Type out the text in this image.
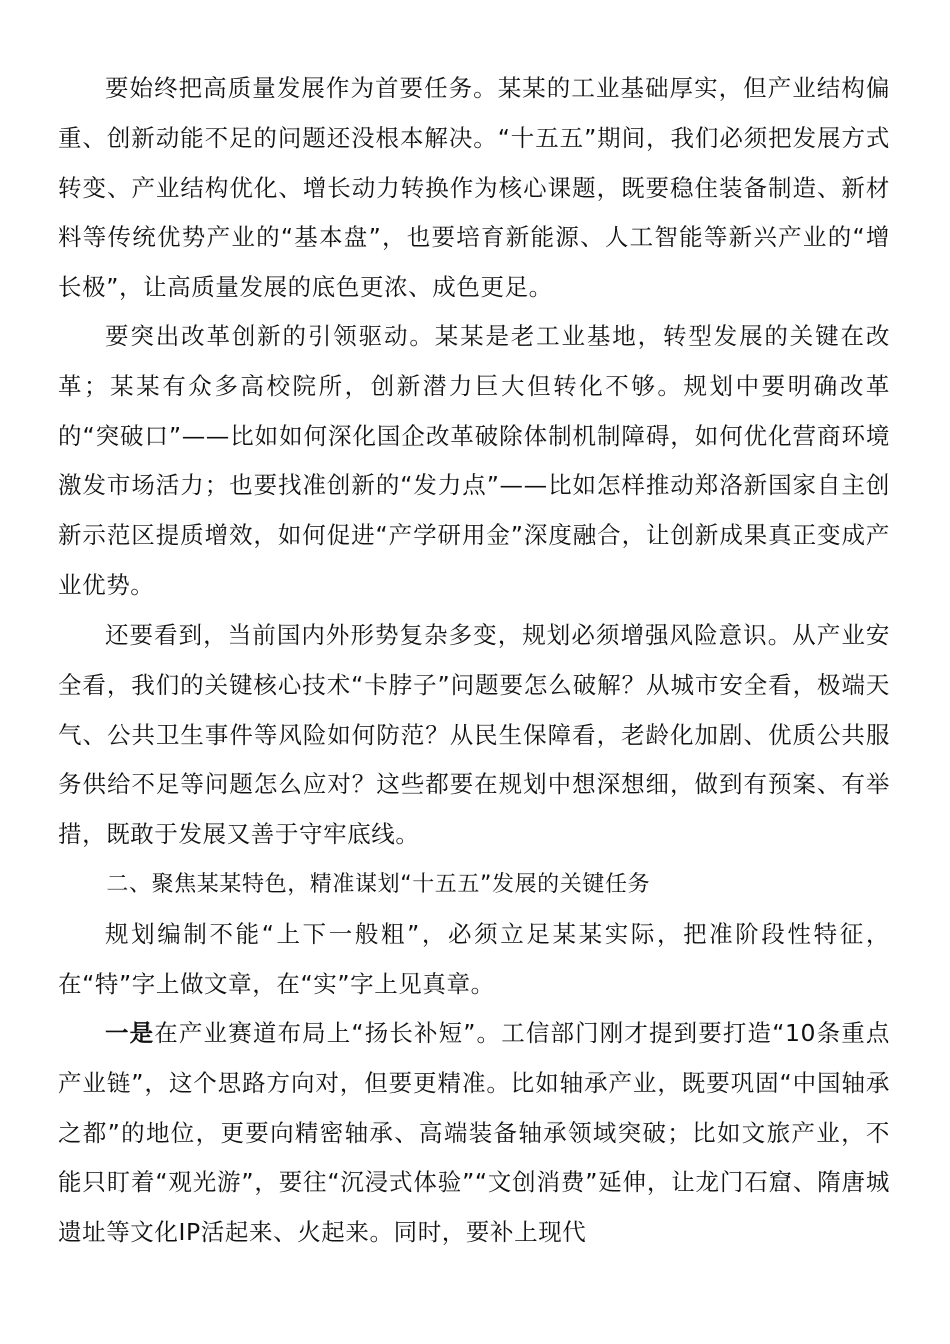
要始终把高质量发展作为首要任务。某某的工业基础厚实，但产业结构偏重、创新动能不足的问题还没根本解决。“十五五”期间，我们必须把发展方式转变、产业结构优化、增长动力转换作为核心课题，既要稳住装备制造、新材料等传统优势产业的“基本盘”，也要培育新能源、人工智能等新兴产业的“增长极”，让高质量发展的底色更浓、成色更足。

要突出改革创新的引领驱动。某某是老工业基地，转型发展的关键在改革；某某有众多高校院所，创新潜力巨大但转化不够。规划中要明确改革的“突破口”——比如如何深化国企改革破除体制机制障碍，如何优化营商环境激发市场活力；也要找准创新的“发力点”——比如怎样推动郑洛新国家自主创新示范区提质增效，如何促进“产学研用金”深度融合，让创新成果真正变成产业优势。

还要看到，当前国内外形势复杂多变，规划必须增强风险意识。从产业安全看，我们的关键核心技术“卡脖子”问题要怎么破解？从城市安全看，极端天气、公共卫生事件等风险如何防范？从民生保障看，老龄化加剧、优质公共服务供给不足等问题怎么应对？这些都要在规划中想深想细，做到有预案、有举措，既敢于发展又善于守牢底线。

二、聚焦某某特色，精准谋划“十五五”发展的关键任务

规划编制不能“上下一般粗”，必须立足某某实际，把准阶段性特征，在“特”字上做文章，在“实”字上见真章。

一是在产业赛道布局上“扬长补短”。工信部门刚才提到要打造“10条重点产业链”，这个思路方向对，但要更精准。比如轴承产业，既要巩固“中国轴承之都”的地位，更要向精密轴承、高端装备轴承领域突破；比如文旅产业，不能只盯着“观光游”，要往“沉浸式体验”“文创消费”延伸，让龙门石窟、隋唐城遗址等文化IP活起来、火起来。同时，要补上现代
